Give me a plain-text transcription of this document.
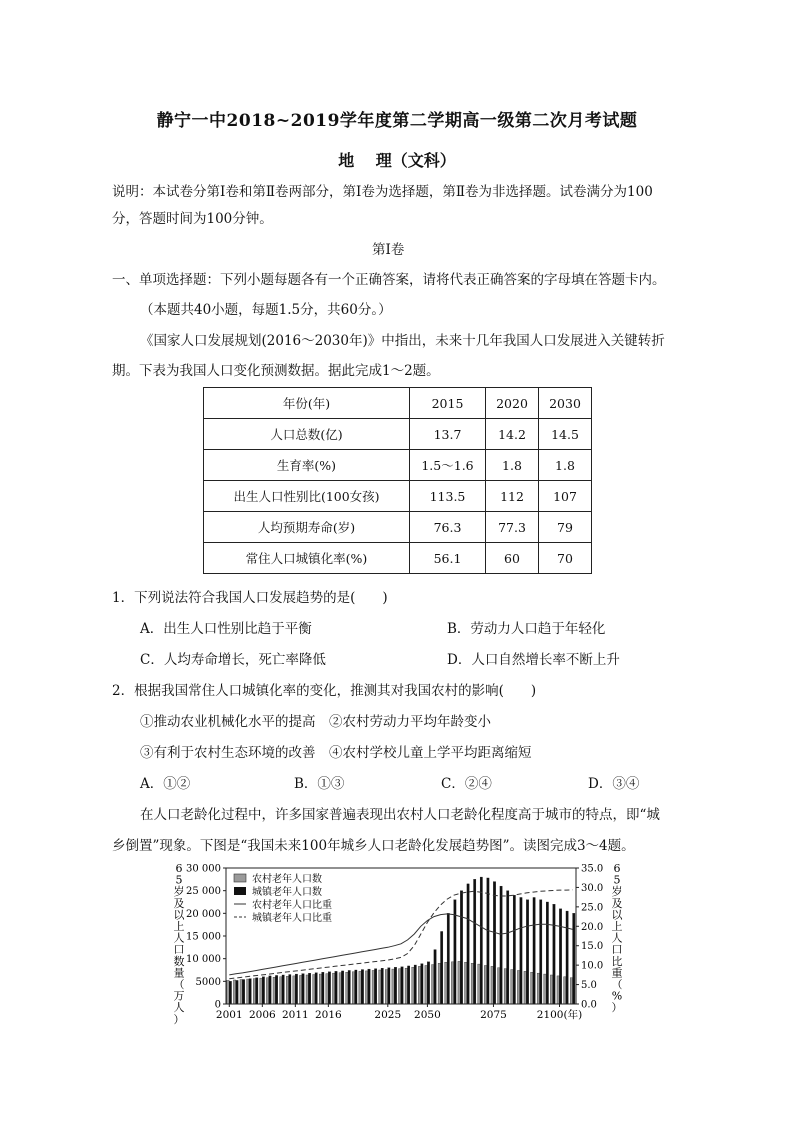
静宁一中2018~2019学年度第二学期高一级第二次月考试题
地　 理（文科）
说明：本试卷分第Ⅰ卷和第Ⅱ卷两部分，第Ⅰ卷为选择题，第Ⅱ卷为非选择题。试卷满分为100
分，答题时间为100分钟。
第Ⅰ卷
一、单项选择题：下列小题每题各有一个正确答案，请将代表正确答案的字母填在答题卡内。
（本题共40小题，每题1.5分，共60分。）
《国家人口发展规划(2016～2030年)》中指出，未来十几年我国人口发展进入关键转折
期。下表为我国人口变化预测数据。据此完成1～2题。
年份(年)	2015	2020	2030
人口总数(亿)	13.7	14.2	14.5
生育率(%)	1.5～1.6	1.8	1.8
出生人口性别比(100女孩)	113.5	112	107
人均预期寿命(岁)	76.3	77.3	79
常住人口城镇化率(%)	56.1	60	70
1．下列说法符合我国人口发展趋势的是(　　)
A．出生人口性别比趋于平衡	B．劳动力人口趋于年轻化
C．人均寿命增长，死亡率降低	D．人口自然增长率不断上升
2．根据我国常住人口城镇化率的变化，推测其对我国农村的影响(　　)
①推动农业机械化水平的提高　②农村劳动力平均年龄变小
③有利于农村生态环境的改善　④农村学校儿童上学平均距离缩短
A．①②	B．①③	C．②④	D．③④
在人口老龄化过程中，许多国家普遍表现出农村人口老龄化程度高于城市的特点，即“城
乡倒置”现象。下图是“我国未来100年城乡人口老龄化发展趋势图”。读图完成3～4题。
6
5
岁
及
以
上
人
口
数
量
（
万
人
）
6
5
岁
及
以
上
人
口
比
重
（
%
）
0
5000
10 000
15 000
20 000
25 000
30 000
0.0
5.0
10.0
15.0
20.0
25.0
30.0
35.0
2001 2006 2011 2016	2025 2050	2075	2100(年)
农村老年人口数
城镇老年人口数
农村老年人口比重
城镇老年人口比重
